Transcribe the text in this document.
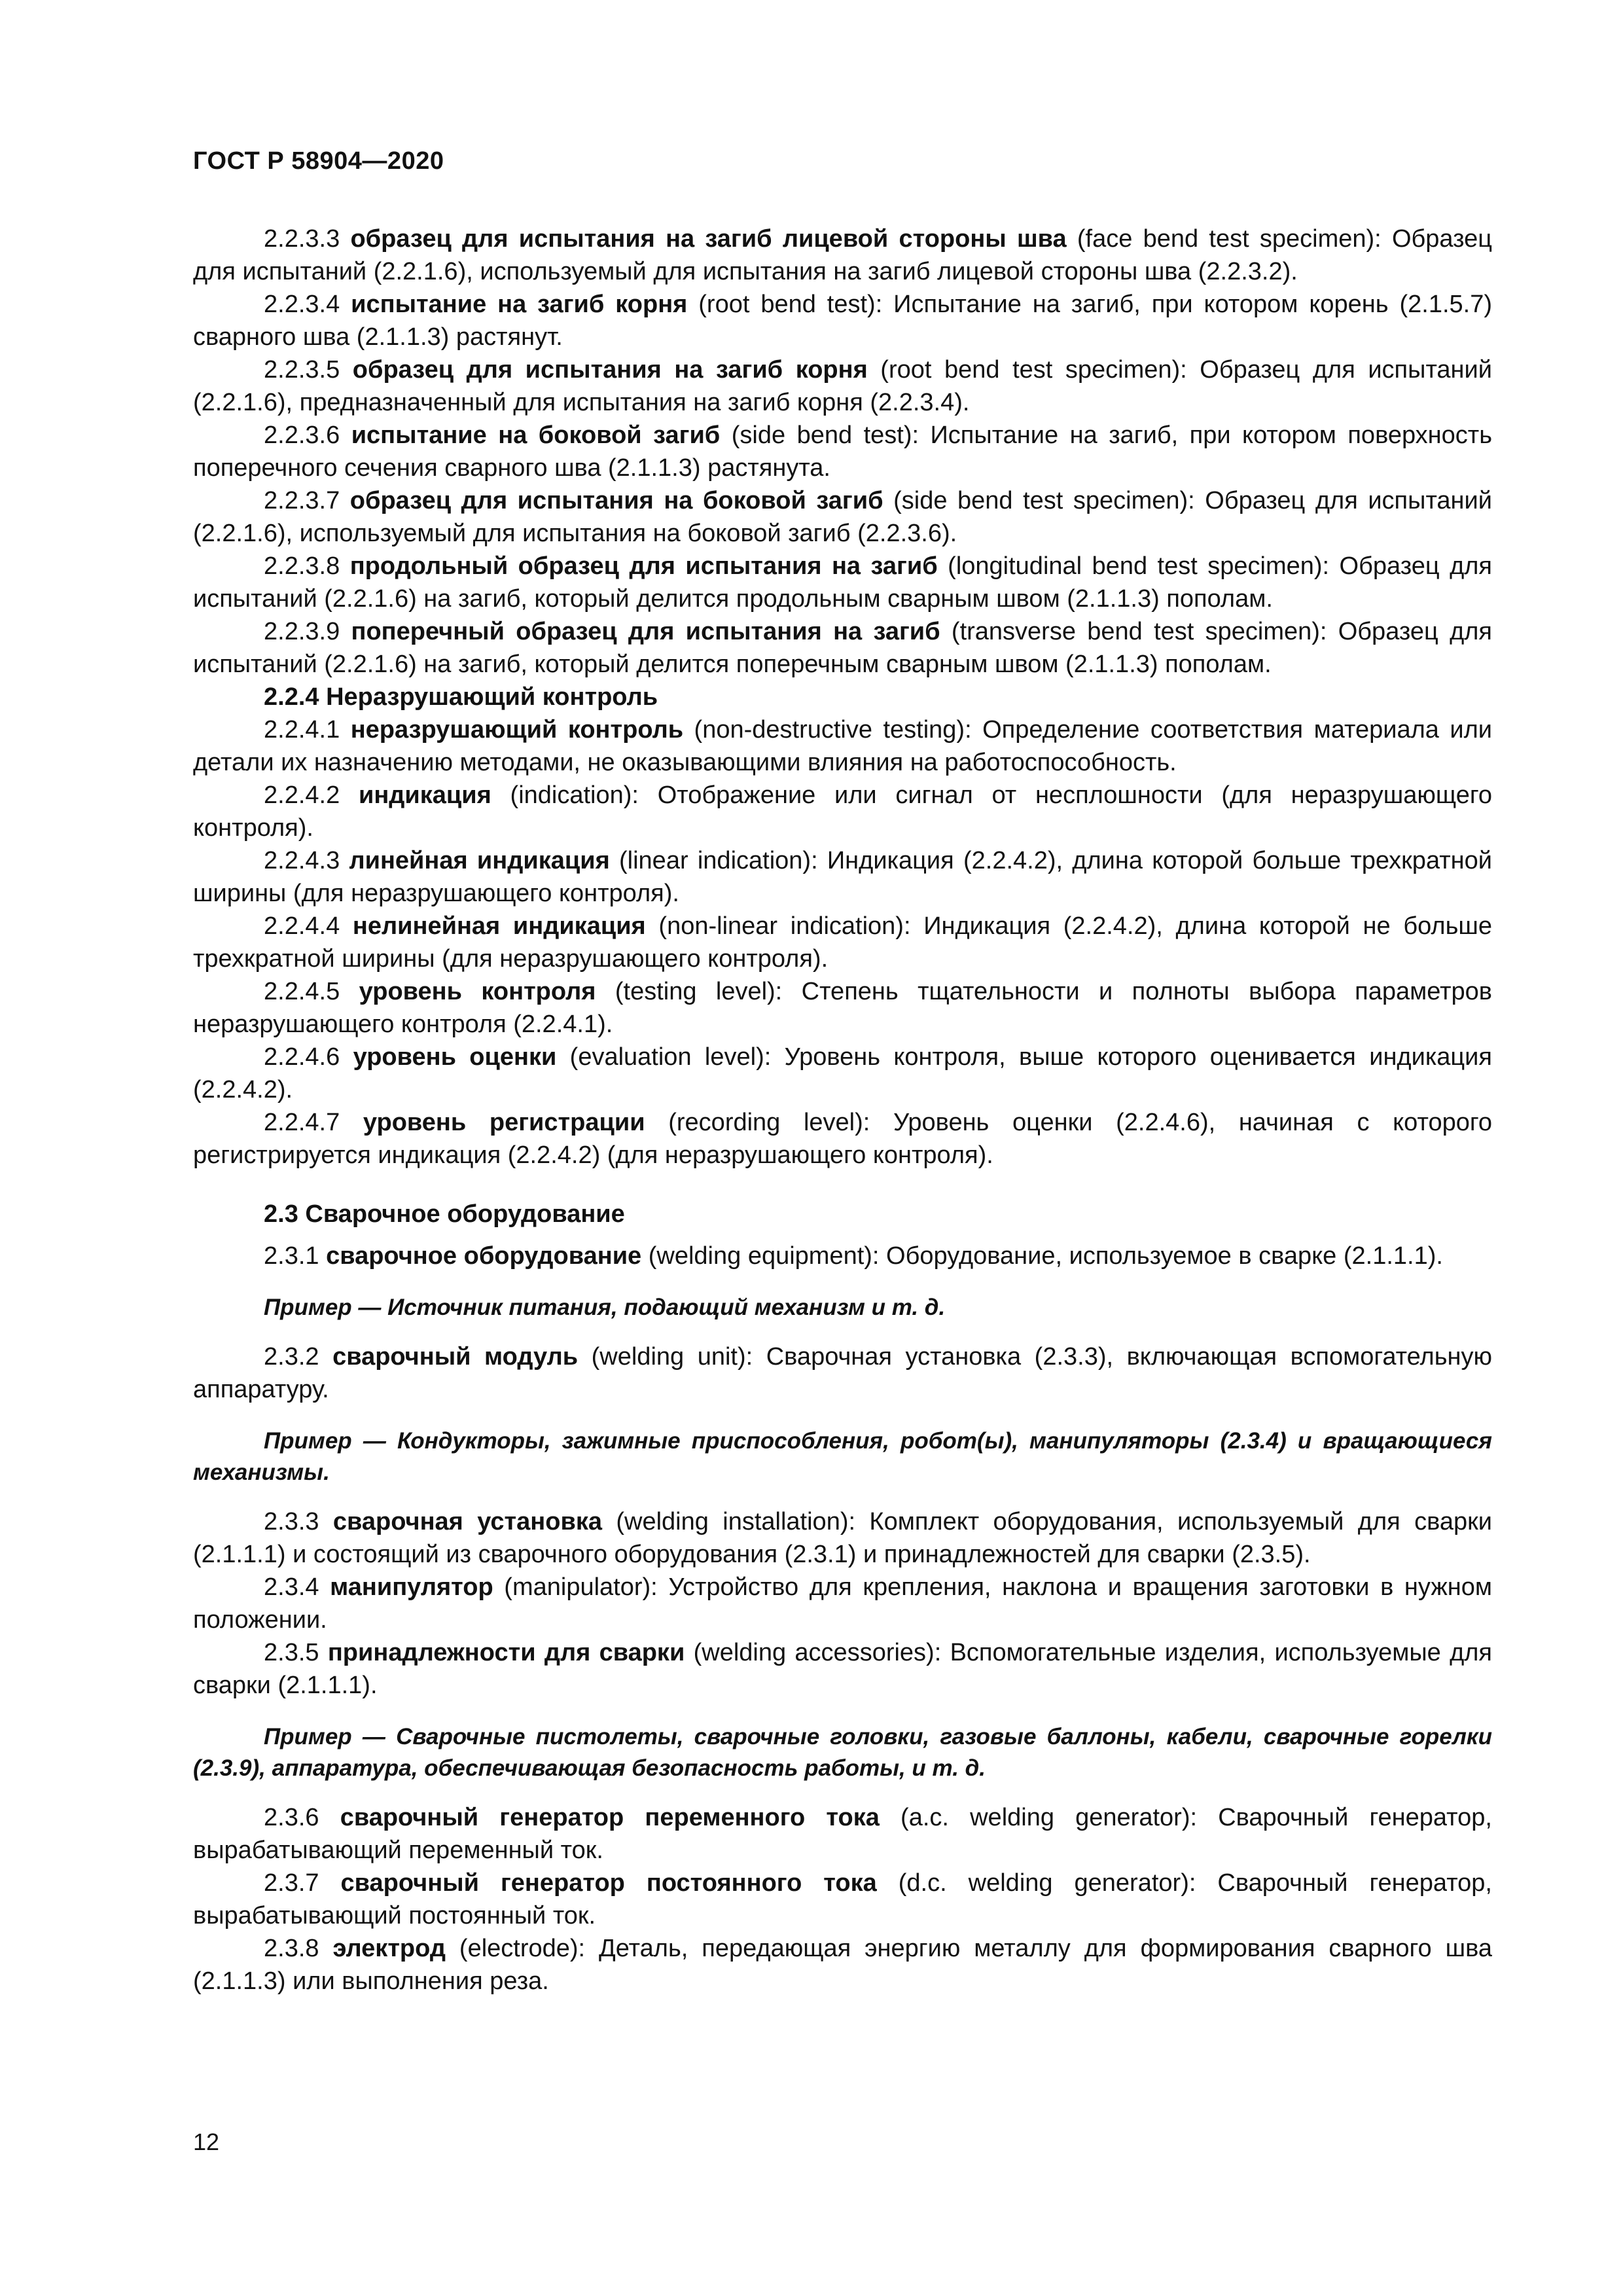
ГОСТ Р 58904—2020

2.2.3.3 образец для испытания на загиб лицевой стороны шва (face bend test specimen): Образец для испытаний (2.2.1.6), используемый для испытания на загиб лицевой стороны шва (2.2.3.2).

2.2.3.4 испытание на загиб корня (root bend test): Испытание на загиб, при котором корень (2.1.5.7) сварного шва (2.1.1.3) растянут.

2.2.3.5 образец для испытания на загиб корня (root bend test specimen): Образец для испытаний (2.2.1.6), предназначенный для испытания на загиб корня (2.2.3.4).

2.2.3.6 испытание на боковой загиб (side bend test): Испытание на загиб, при котором поверхность поперечного сечения сварного шва (2.1.1.3) растянута.

2.2.3.7 образец для испытания на боковой загиб (side bend test specimen): Образец для испытаний (2.2.1.6), используемый для испытания на боковой загиб (2.2.3.6).

2.2.3.8 продольный образец для испытания на загиб (longitudinal bend test specimen): Образец для испытаний (2.2.1.6) на загиб, который делится продольным сварным швом (2.1.1.3) пополам.

2.2.3.9 поперечный образец для испытания на загиб (transverse bend test specimen): Образец для испытаний (2.2.1.6) на загиб, который делится поперечным сварным швом (2.1.1.3) пополам.

2.2.4 Неразрушающий контроль

2.2.4.1 неразрушающий контроль (non-destructive testing): Определение соответствия материала или детали их назначению методами, не оказывающими влияния на работоспособность.

2.2.4.2 индикация (indication): Отображение или сигнал от несплошности (для неразрушающего контроля).

2.2.4.3 линейная индикация (linear indication): Индикация (2.2.4.2), длина которой больше трехкратной ширины (для неразрушающего контроля).

2.2.4.4 нелинейная индикация (non-linear indication): Индикация (2.2.4.2), длина которой не больше трехкратной ширины (для неразрушающего контроля).

2.2.4.5 уровень контроля (testing level): Степень тщательности и полноты выбора параметров неразрушающего контроля (2.2.4.1).

2.2.4.6 уровень оценки (evaluation level): Уровень контроля, выше которого оценивается индикация (2.2.4.2).

2.2.4.7 уровень регистрации (recording level): Уровень оценки (2.2.4.6), начиная с которого регистрируется индикация (2.2.4.2) (для неразрушающего контроля).

2.3 Сварочное оборудование

2.3.1 сварочное оборудование (welding equipment): Оборудование, используемое в сварке (2.1.1.1).

Пример — Источник питания, подающий механизм и т. д.

2.3.2 сварочный модуль (welding unit): Сварочная установка (2.3.3), включающая вспомогательную аппаратуру.

Пример — Кондукторы, зажимные приспособления, робот(ы), манипуляторы (2.3.4) и вращающиеся механизмы.

2.3.3 сварочная установка (welding installation): Комплект оборудования, используемый для сварки (2.1.1.1) и состоящий из сварочного оборудования (2.3.1) и принадлежностей для сварки (2.3.5).

2.3.4 манипулятор (manipulator): Устройство для крепления, наклона и вращения заготовки в нужном положении.

2.3.5 принадлежности для сварки (welding accessories): Вспомогательные изделия, используемые для сварки (2.1.1.1).

Пример — Сварочные пистолеты, сварочные головки, газовые баллоны, кабели, сварочные горелки (2.3.9), аппаратура, обеспечивающая безопасность работы, и т. д.

2.3.6 сварочный генератор переменного тока (a.c. welding generator): Сварочный генератор, вырабатывающий переменный ток.

2.3.7 сварочный генератор постоянного тока (d.c. welding generator): Сварочный генератор, вырабатывающий постоянный ток.

2.3.8 электрод (electrode): Деталь, передающая энергию металлу для формирования сварного шва (2.1.1.3) или выполнения реза.

12
